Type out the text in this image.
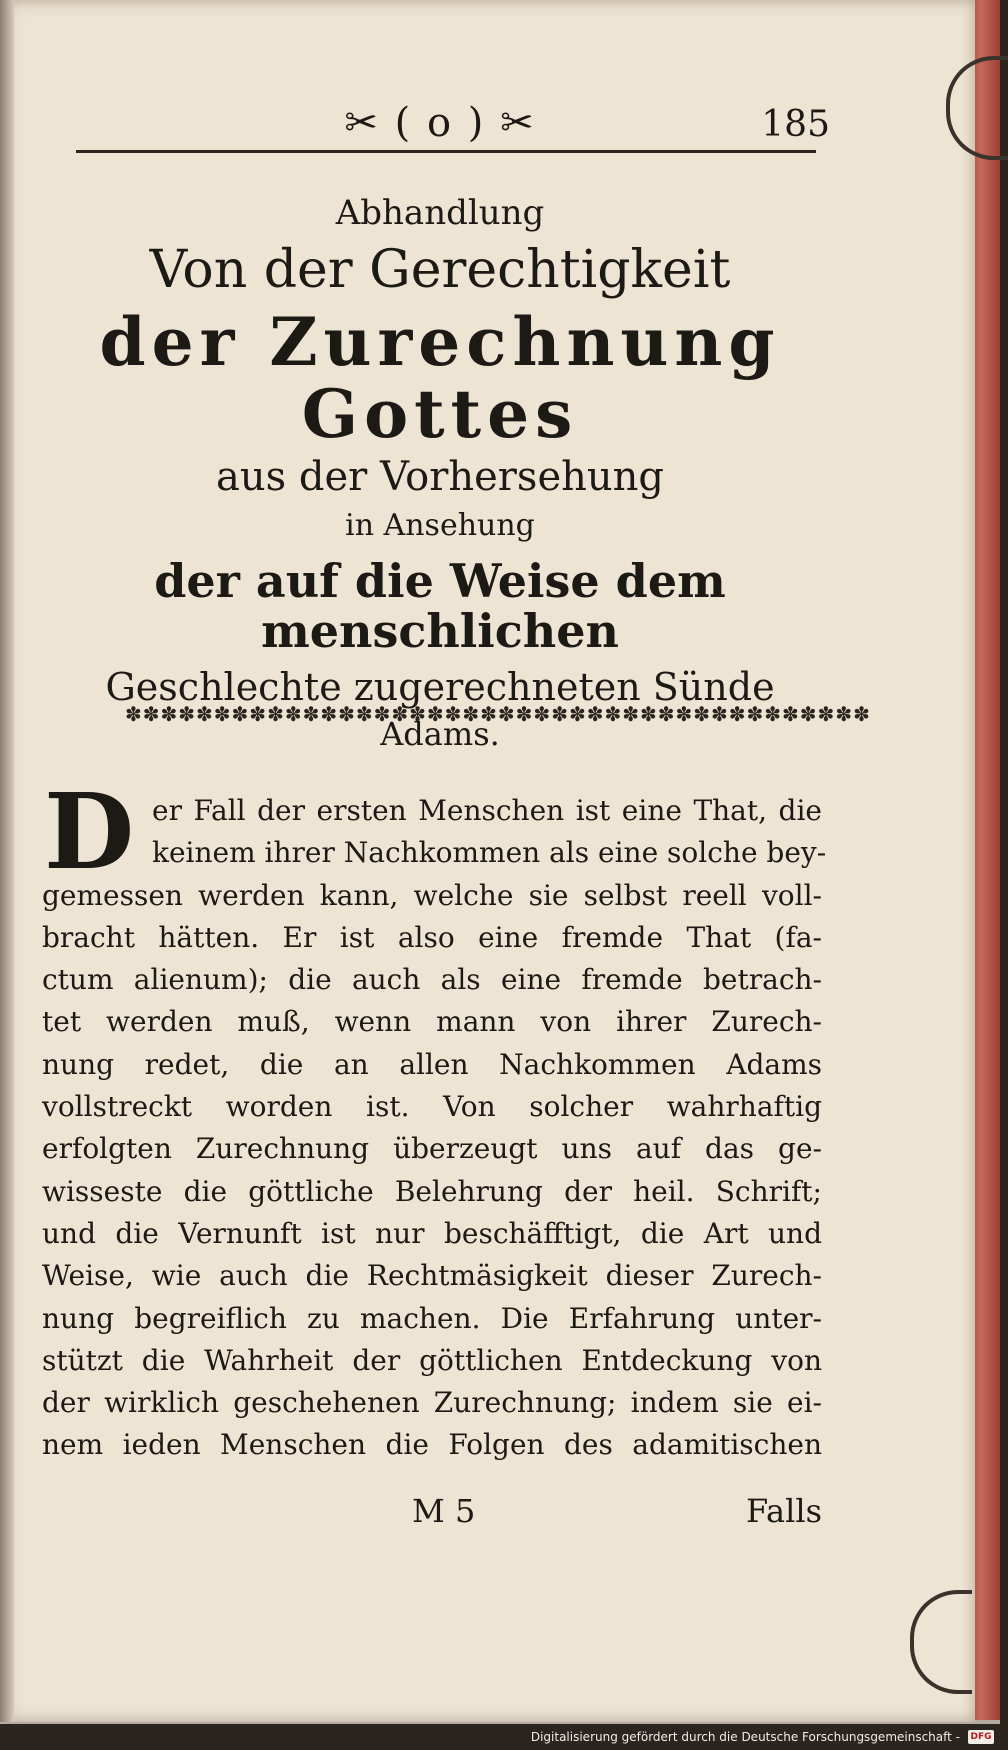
✂ ( o ) ✂	185

Abhandlung

Von der Gerechtigkeit

der Zurechnung Gottes

aus der Vorhersehung

in Ansehung

der auf die Weise dem menschlichen

Geschlechte zugerechneten Sünde

Adams.

✽✽✽✽✽✽✽✽✽✽✽✽✽✽✽✽✽✽✽✽✽✽✽✽✽✽✽✽✽✽✽✽✽✽✽✽✽✽✽✽✽✽
D er Fall der ersten Menschen ist eine That, die
keinem ihrer Nachkommen als eine solche bey-
gemessen werden kann, welche sie selbst reell voll-
bracht hätten. Er ist also eine fremde That (fa-
ctum alienum); die auch als eine fremde betrach-
tet werden muß, wenn mann von ihrer Zurech-
nung redet, die an allen Nachkommen Adams
vollstreckt worden ist. Von solcher wahrhaftig
erfolgten Zurechnung überzeugt uns auf das ge-
wisseste die göttliche Belehrung der heil. Schrift;
und die Vernunft ist nur beschäfftigt, die Art und
Weise, wie auch die Rechtmäsigkeit dieser Zurech-
nung begreiflich zu machen. Die Erfahrung unter-
stützt die Wahrheit der göttlichen Entdeckung von
der wirklich geschehenen Zurechnung; indem sie ei-
nem ieden Menschen die Folgen des adamitischen
M 5	Falls
Digitalisierung gefördert durch die Deutsche Forschungsgemeinschaft - DFG
